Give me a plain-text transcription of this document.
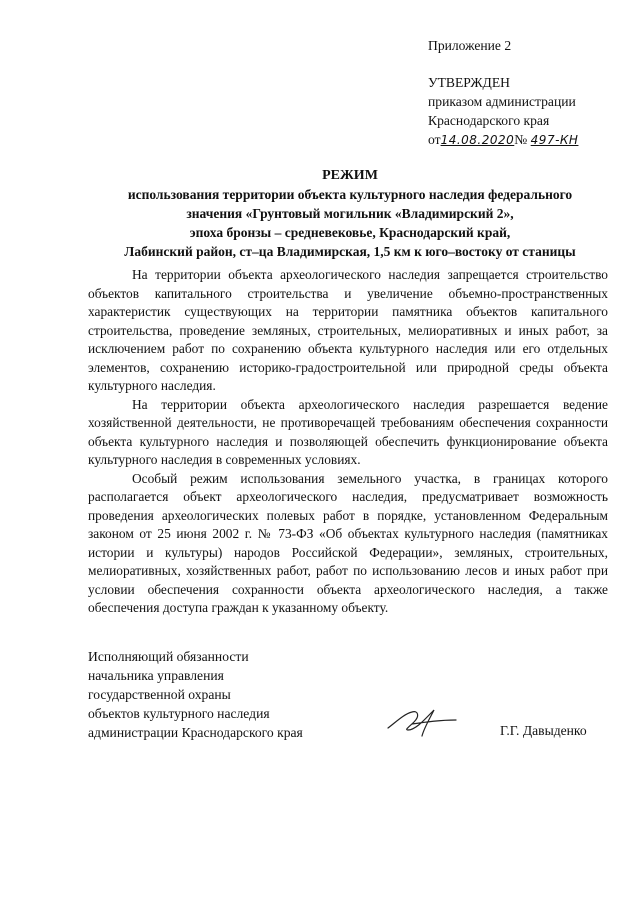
Приложение 2
УТВЕРЖДЕН
приказом администрации
Краснодарского края
от14.08.2020№ 497-КН
РЕЖИМ
использования территории объекта культурного наследия федерального
значения «Грунтовый могильник «Владимирский 2»,
эпоха бронзы – средневековье, Краснодарский край,
Лабинский район, ст–ца Владимирская, 1,5 км к юго–востоку от станицы

На территории объекта археологического наследия запрещается строительство объектов капитального строительства и увеличение объемно-пространственных характеристик существующих на территории памятника объектов капитального строительства, проведение земляных, строительных, мелиоративных и иных работ, за исключением работ по сохранению объекта культурного наследия или его отдельных элементов, сохранению историко-градостроительной или природной среды объекта культурного наследия.

На территории объекта археологического наследия разрешается ведение хозяйственной деятельности, не противоречащей требованиям обеспечения сохранности объекта культурного наследия и позволяющей обеспечить функционирование объекта культурного наследия в современных условиях.

Особый режим использования земельного участка, в границах которого располагается объект археологического наследия, предусматривает возможность проведения археологических полевых работ в порядке, установленном Федеральным законом от 25 июня 2002 г. № 73-ФЗ «Об объектах культурного наследия (памятниках истории и культуры) народов Российской Федерации», земляных, строительных, мелиоративных, хозяйственных работ, работ по использованию лесов и иных работ при условии обеспечения сохранности объекта археологического наследия, а также обеспечения доступа граждан к указанному объекту.

Исполняющий обязанности
начальника управления
государственной охраны
объектов культурного наследия
администрации Краснодарского края	Г.Г. Давыденко
